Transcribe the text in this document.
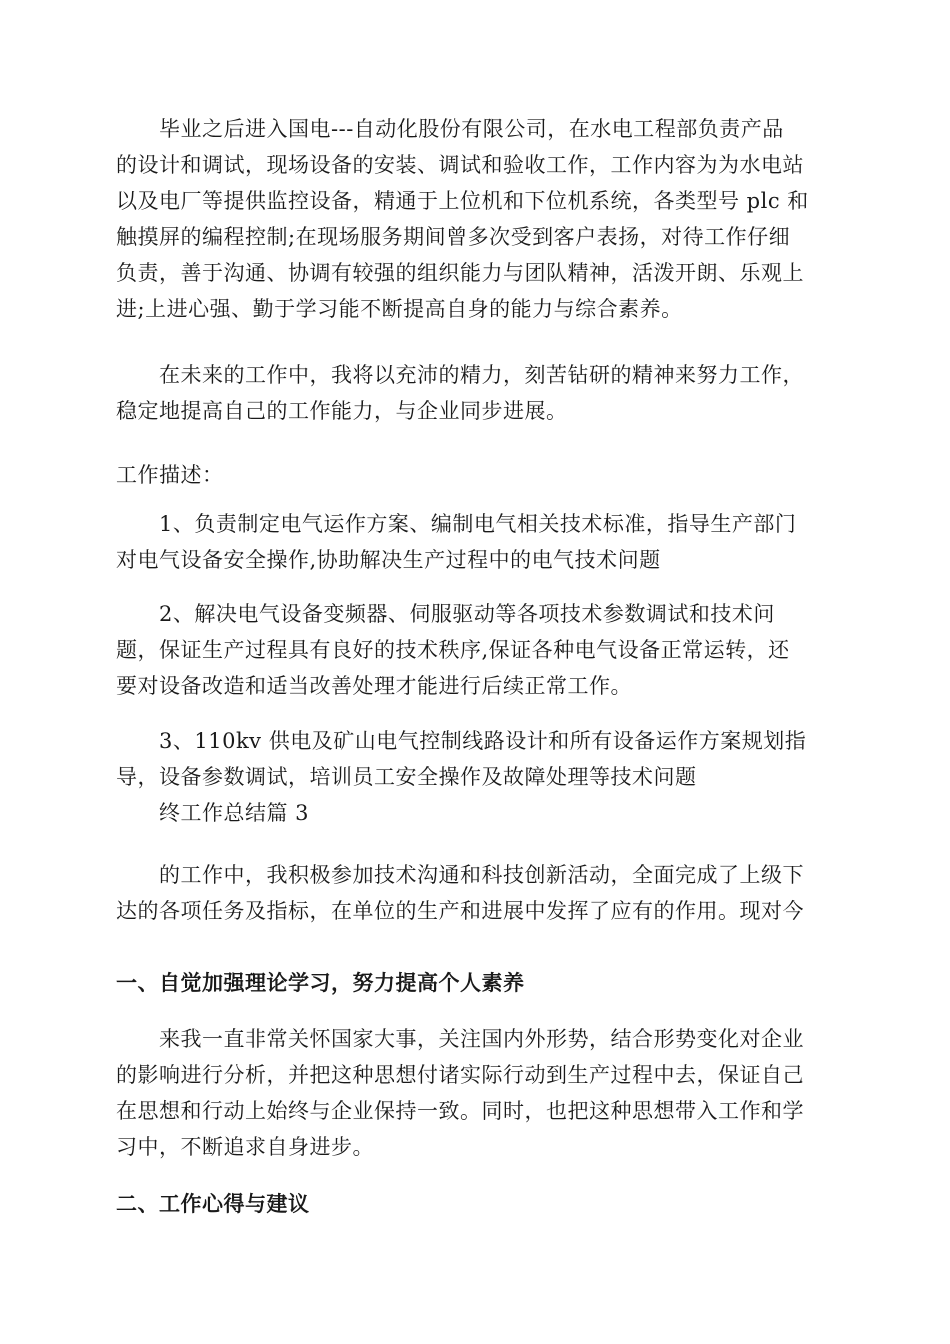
毕业之后进入国电---自动化股份有限公司，在水电工程部负责产品
的设计和调试，现场设备的安装、调试和验收工作，工作内容为为水电站
以及电厂等提供监控设备，精通于上位机和下位机系统，各类型号 plc 和
触摸屏的编程控制;在现场服务期间曾多次受到客户表扬，对待工作仔细
负责，善于沟通、协调有较强的组织能力与团队精神，活泼开朗、乐观上
进;上进心强、勤于学习能不断提高自身的能力与综合素养。
在未来的工作中，我将以充沛的精力，刻苦钻研的精神来努力工作，
稳定地提高自己的工作能力，与企业同步进展。
工作描述：
1、负责制定电气运作方案、编制电气相关技术标准，指导生产部门
对电气设备安全操作,协助解决生产过程中的电气技术问题
2、解决电气设备变频器、伺服驱动等各项技术参数调试和技术问
题，保证生产过程具有良好的技术秩序,保证各种电气设备正常运转，还
要对设备改造和适当改善处理才能进行后续正常工作。
3、110kv 供电及矿山电气控制线路设计和所有设备运作方案规划指
导，设备参数调试，培训员工安全操作及故障处理等技术问题
终工作总结篇 3
的工作中，我积极参加技术沟通和科技创新活动，全面完成了上级下
达的各项任务及指标，在单位的生产和进展中发挥了应有的作用。现对今
一、自觉加强理论学习，努力提高个人素养
来我一直非常关怀国家大事，关注国内外形势，结合形势变化对企业
的影响进行分析，并把这种思想付诸实际行动到生产过程中去，保证自己
在思想和行动上始终与企业保持一致。同时，也把这种思想带入工作和学
习中，不断追求自身进步。
二、工作心得与建议
